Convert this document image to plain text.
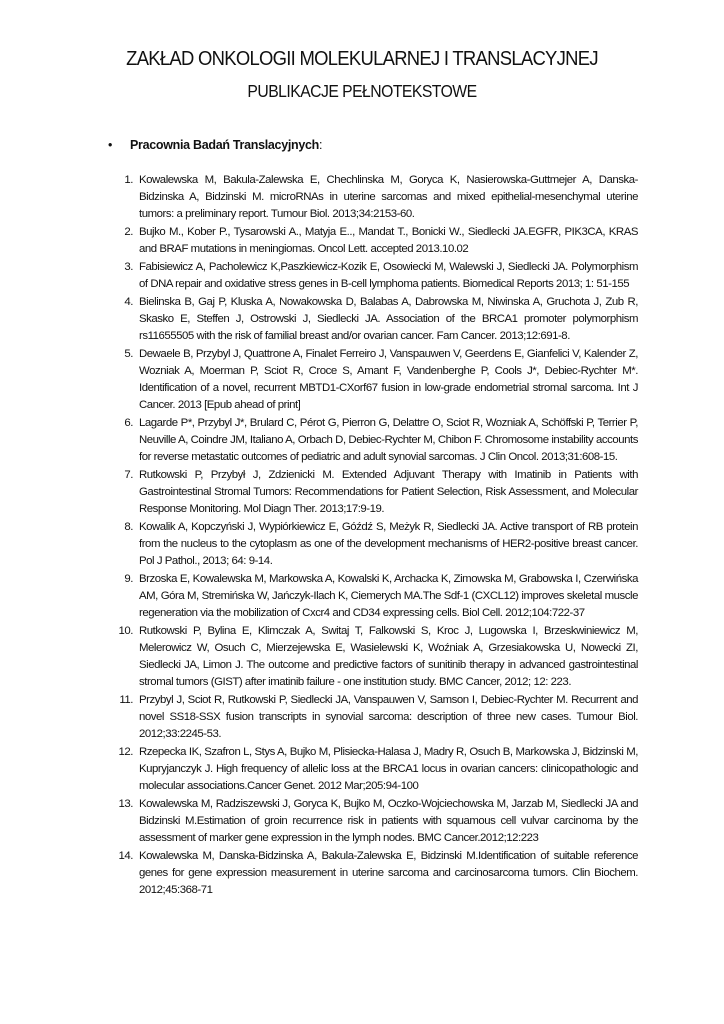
ZAKŁAD ONKOLOGII MOLEKULARNEJ I TRANSLACYJNEJ
PUBLIKACJE PEŁNOTEKSTOWE
• Pracownia Badań Translacyjnych:
1. Kowalewska M, Bakula-Zalewska E, Chechlinska M, Goryca K, Nasierowska-Guttmejer A, Danska-Bidzinska A, Bidzinski M. microRNAs in uterine sarcomas and mixed epithelial-mesenchymal uterine tumors: a preliminary report. Tumour Biol. 2013;34:2153-60.
2. Bujko M., Kober P., Tysarowski A., Matyja E.., Mandat T., Bonicki W., Siedlecki JA.EGFR, PIK3CA, KRAS and BRAF mutations in meningiomas. Oncol Lett. accepted 2013.10.02
3. Fabisiewicz A, Pacholewicz K,Paszkiewicz-Kozik E, Osowiecki M, Walewski J, Siedlecki JA. Polymorphism of DNA repair and oxidative stress genes in B-cell lymphoma patients. Biomedical Reports 2013; 1: 51-155
4. Bielinska B, Gaj P, Kluska A, Nowakowska D, Balabas A, Dabrowska M, Niwinska A, Gruchota J, Zub R, Skasko E, Steffen J, Ostrowski J, Siedlecki JA. Association of the BRCA1 promoter polymorphism rs11655505 with the risk of familial breast and/or ovarian cancer. Fam Cancer. 2013;12:691-8.
5. Dewaele B, Przybyl J, Quattrone A, Finalet Ferreiro J, Vanspauwen V, Geerdens E, Gianfelici V, Kalender Z, Wozniak A, Moerman P, Sciot R, Croce S, Amant F, Vandenberghe P, Cools J*, Debiec-Rychter M*. Identification of a novel, recurrent MBTD1-CXorf67 fusion in low-grade endometrial stromal sarcoma. Int J Cancer. 2013 [Epub ahead of print]
6. Lagarde P*, Przybyl J*, Brulard C, Pérot G, Pierron G, Delattre O, Sciot R, Wozniak A, Schöffski P, Terrier P, Neuville A, Coindre JM, Italiano A, Orbach D, Debiec-Rychter M, Chibon F. Chromosome instability accounts for reverse metastatic outcomes of pediatric and adult synovial sarcomas. J Clin Oncol. 2013;31:608-15.
7. Rutkowski P, Przybył J, Zdzienicki M. Extended Adjuvant Therapy with Imatinib in Patients with Gastrointestinal Stromal Tumors: Recommendations for Patient Selection, Risk Assessment, and Molecular Response Monitoring. Mol Diagn Ther. 2013;17:9-19.
8. Kowalik A, Kopczyński J, Wypiórkiewicz E, Góźdź S, Meżyk R, Siedlecki JA. Active transport of RB protein from the nucleus to the cytoplasm as one of the development mechanisms of HER2-positive breast cancer. Pol J Pathol., 2013; 64: 9-14.
9. Brzoska E, Kowalewska M, Markowska A, Kowalski K, Archacka K, Zimowska M, Grabowska I, Czerwińska AM, Góra M, Stremińska W, Jańczyk-Ilach K, Ciemerych MA.The Sdf-1 (CXCL12) improves skeletal muscle regeneration via the mobilization of Cxcr4 and CD34 expressing cells. Biol Cell. 2012;104:722-37
10. Rutkowski P, Bylina E, Klimczak A, Switaj T, Falkowski S, Kroc J, Lugowska I, Brzeskwiniewicz M, Melerowicz W, Osuch C, Mierzejewska E, Wasielewski K, Woźniak A, Grzesiakowska U, Nowecki ZI, Siedlecki JA, Limon J. The outcome and predictive factors of sunitinib therapy in advanced gastrointestinal stromal tumors (GIST) after imatinib failure - one institution study. BMC Cancer, 2012; 12: 223.
11. Przybyl J, Sciot R, Rutkowski P, Siedlecki JA, Vanspauwen V, Samson I, Debiec-Rychter M. Recurrent and novel SS18-SSX fusion transcripts in synovial sarcoma: description of three new cases. Tumour Biol. 2012;33:2245-53.
12. Rzepecka IK, Szafron L, Stys A, Bujko M, Plisiecka-Halasa J, Madry R, Osuch B, Markowska J, Bidzinski M, Kupryjanczyk J. High frequency of allelic loss at the BRCA1 locus in ovarian cancers: clinicopathologic and molecular associations.Cancer Genet. 2012 Mar;205:94-100
13. Kowalewska M, Radziszewski J, Goryca K, Bujko M, Oczko-Wojciechowska M, Jarzab M, Siedlecki JA and Bidzinski M.Estimation of groin recurrence risk in patients with squamous cell vulvar carcinoma by the assessment of marker gene expression in the lymph nodes. BMC Cancer.2012;12:223
14. Kowalewska M, Danska-Bidzinska A, Bakula-Zalewska E, Bidzinski M.Identification of suitable reference genes for gene expression measurement in uterine sarcoma and carcinosarcoma tumors. Clin Biochem. 2012;45:368-71
